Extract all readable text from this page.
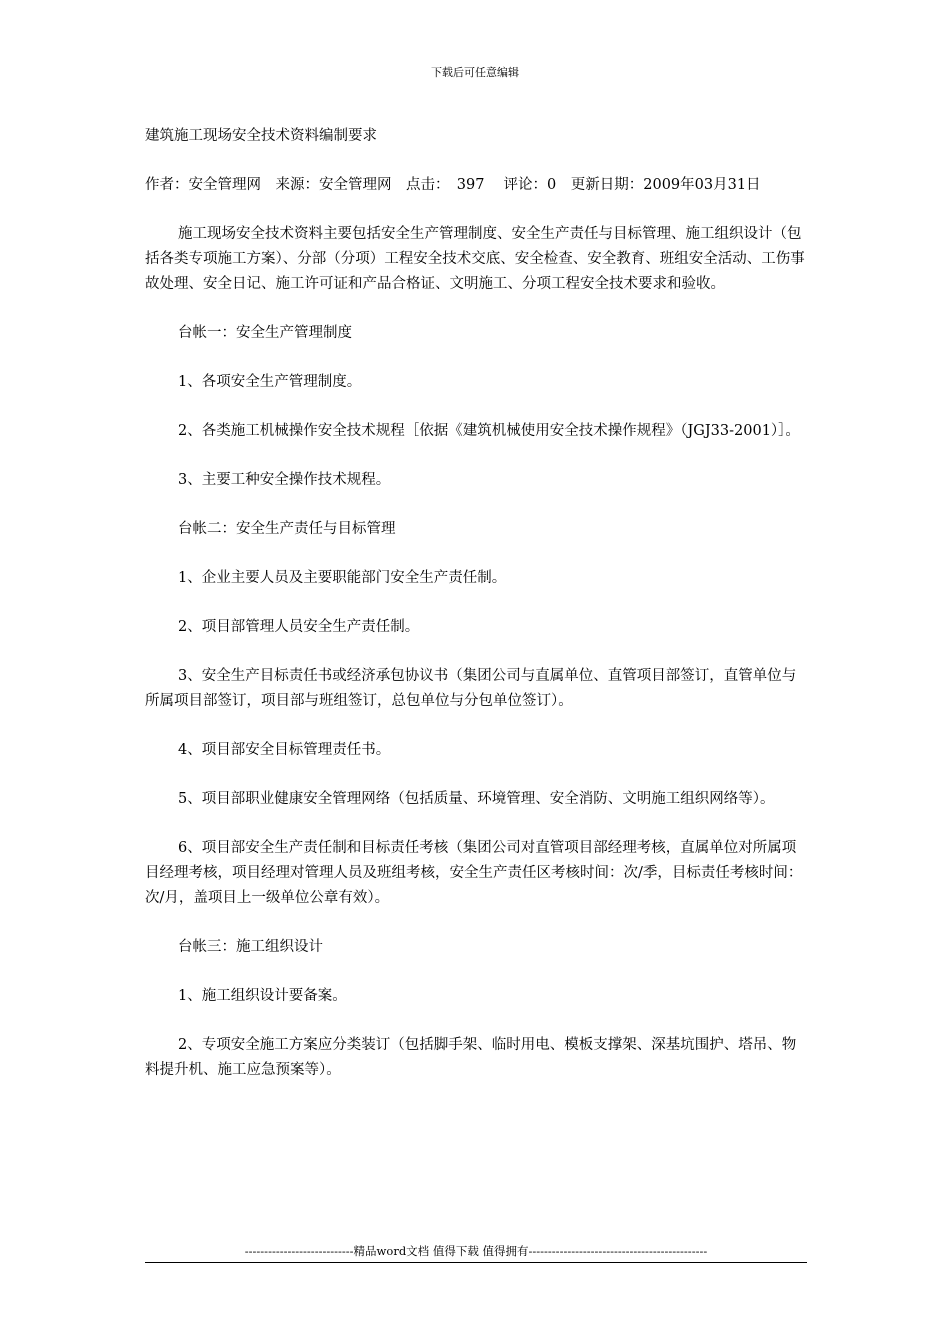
下载后可任意编辑

建筑施工现场安全技术资料编制要求

作者：安全管理网　来源：安全管理网　点击：　397　 评论：0　更新日期：2009年03月31日

施工现场安全技术资料主要包括安全生产管理制度、安全生产责任与目标管理、施工组织设计（包括各类专项施工方案）、分部（分项）工程安全技术交底、安全检查、安全教育、班组安全活动、工伤事故处理、安全日记、施工许可证和产品合格证、文明施工、分项工程安全技术要求和验收。

台帐一：安全生产管理制度

1、各项安全生产管理制度。

2、各类施工机械操作安全技术规程［依据《建筑机械使用安全技术操作规程》（JGJ33-2001）］。

3、主要工种安全操作技术规程。

台帐二：安全生产责任与目标管理

1、企业主要人员及主要职能部门安全生产责任制。

2、项目部管理人员安全生产责任制。

3、安全生产目标责任书或经济承包协议书（集团公司与直属单位、直管项目部签订，直管单位与所属项目部签订，项目部与班组签订，总包单位与分包单位签订）。

4、项目部安全目标管理责任书。

5、项目部职业健康安全管理网络（包括质量、环境管理、安全消防、文明施工组织网络等）。

6、项目部安全生产责任制和目标责任考核（集团公司对直管项目部经理考核，直属单位对所属项目经理考核，项目经理对管理人员及班组考核，安全生产责任区考核时间：次/季，目标责任考核时间：次/月，盖项目上一级单位公章有效）。

台帐三：施工组织设计

1、施工组织设计要备案。

2、专项安全施工方案应分类装订（包括脚手架、临时用电、模板支撑架、深基坑围护、塔吊、物料提升机、施工应急预案等）。

----------------------------精品word文档 值得下载 值得拥有----------------------------------------------
